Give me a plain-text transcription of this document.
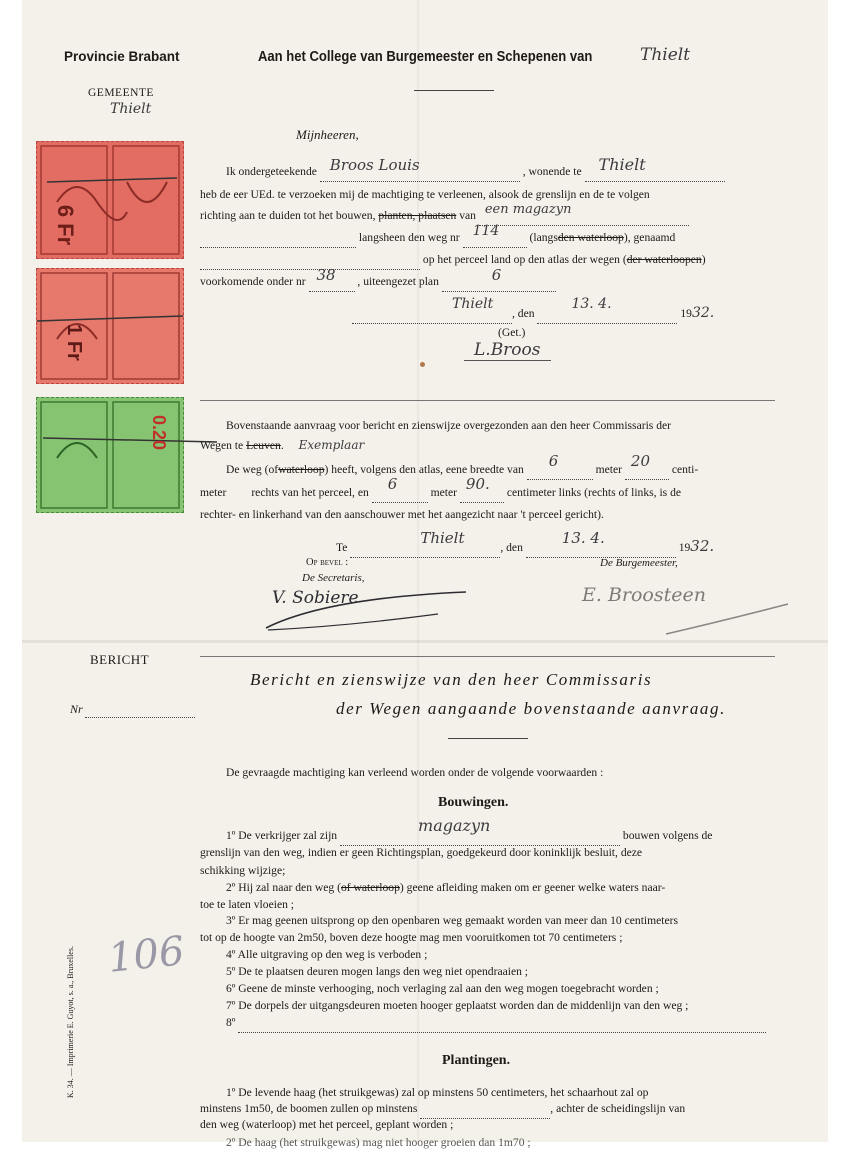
Provincie Brabant
GEMEENTE
Thielt
Aan het College van Burgemeester en Schepenen van	Thielt
6 Fr
1 Fr
0.20
Mijnheeren,
Ik ondergeteekende Broos Louis	, wonende te Thielt

heb de eer UEd. te verzoeken mij de machtiging te verleenen, alsook de grenslijn en de te volgen
richting aan te duiden tot het bouwen, planten, plaatsen van een magazyn

langsheen den weg nr 114	(langsden waterloop), genaamd
op het perceel land op den atlas der wegen (der waterloopen)
voorkomende onder nr 38 , uiteengezet plan	6

Thielt
, den
13. 4.
1932.
(Get.)
L.Broos
Bovenstaande aanvraag voor bericht en zienswijze overgezonden aan den heer Commissaris der
Wegen te Leuven. Exemplaar
De weg (ofwaterloop) heeft, volgens den atlas, eene breedte van 6	meter 20 centi-
meter rechts van het perceel, en 6	meter 90. centimeter links (rechts of links, is de
rechter- en linkerhand van den aanschouwer met het aangezicht naar 't perceel gericht).
Te
Thielt
, den
13. 4.
1932.
Op bevel :	De Burgemeester,
De Secretaris,
V. Sobiere	E. Broosteen
BERICHT
Nr
Bericht en zienswijze van den heer Commissaris
der Wegen aangaande bovenstaande aanvraag.
De gevraagde machtiging kan verleend worden onder de volgende voorwaarden :
106
Bouwingen.
1º De verkrijger zal zijn
magazyn
bouwen volgens de
grenslijn van den weg, indien er geen Richtingsplan, goedgekeurd door koninklijk besluit, deze
schikking wijzige;
2º Hij zal naar den weg (of waterloop) geene afleiding maken om er geener welke waters naar-
toe te laten vloeien ;
3º Er mag geenen uitsprong op den openbaren weg gemaakt worden van meer dan 10 centimeters
tot op de hoogte van 2m50, boven deze hoogte mag men vooruitkomen tot 70 centimeters ;
4º Alle uitgraving op den weg is verboden ;
5º De te plaatsen deuren mogen langs den weg niet opendraaien ;
6º Geene de minste verhooging, noch verlaging zal aan den weg mogen toegebracht worden ;
7º De dorpels der uitgangsdeuren moeten hooger geplaatst worden dan de middenlijn van den weg ;
8º
Plantingen.
1º De levende haag (het struikgewas) zal op minstens 50 centimeters, het schaarhout zal op
minstens 1m50, de boomen zullen op minstens	, achter de scheidingslijn van
den weg (waterloop) met het perceel, geplant worden ;
2º De haag (het struikgewas) mag niet hooger groeien dan 1m70 ;
K. 34. — Imprimerie E. Guyot, s. a., Bruxelles.
